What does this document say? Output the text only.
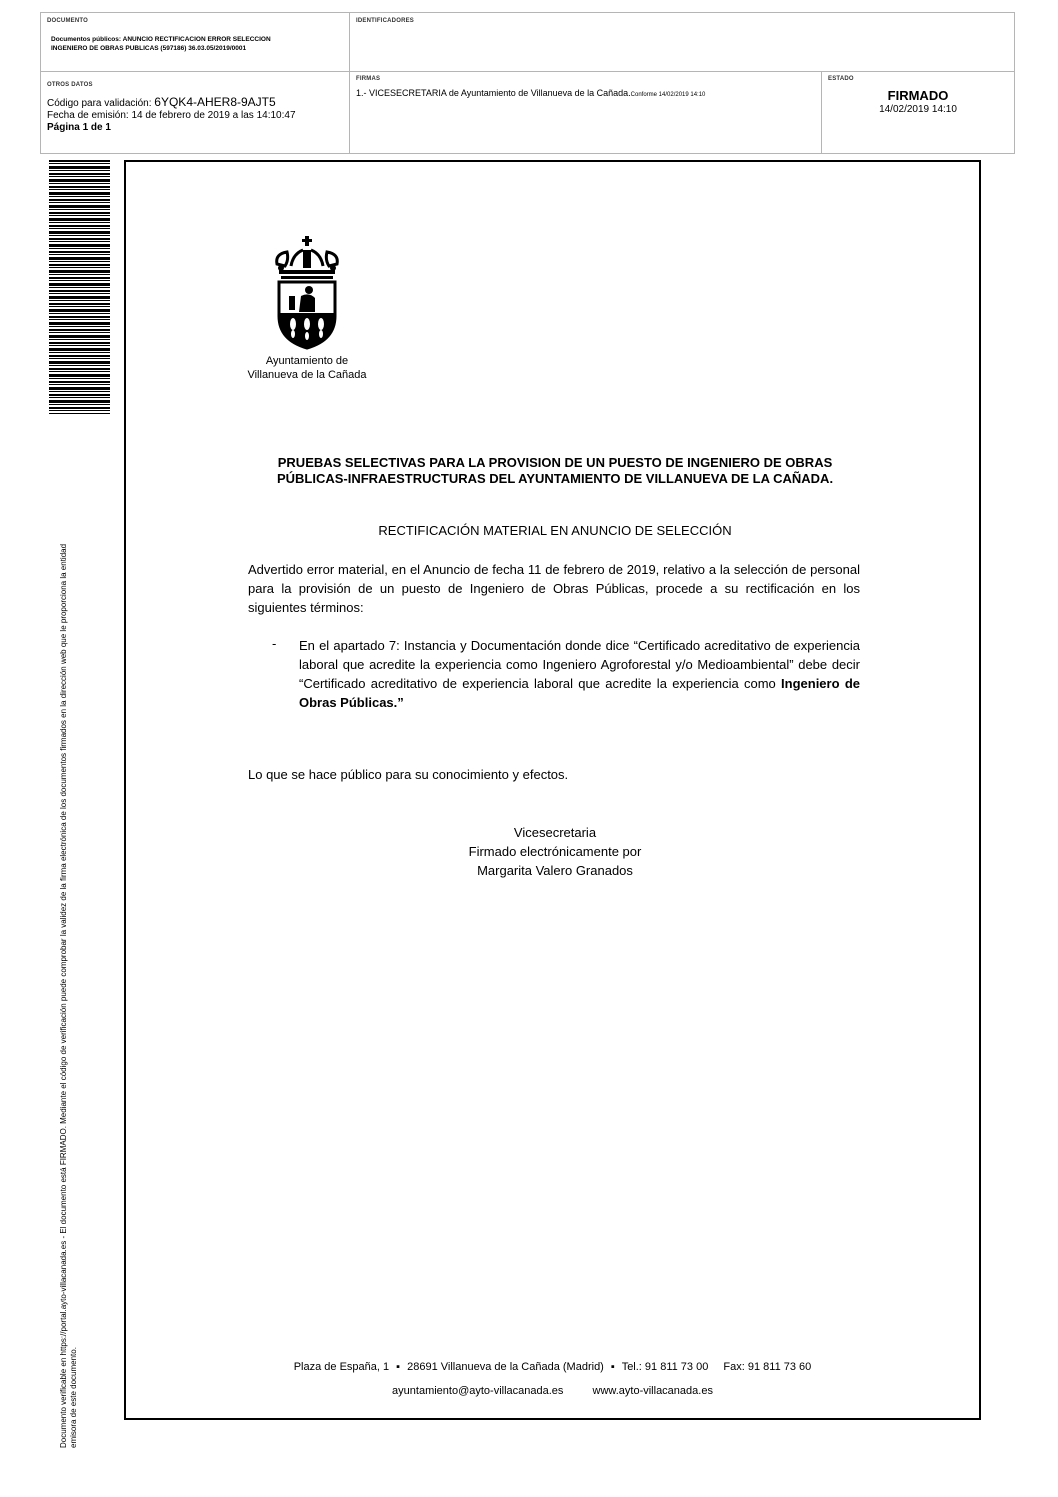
DOCUMENTO
Documentos públicos: ANUNCIO RECTIFICACION ERROR SELECCION
INGENIERO DE OBRAS PUBLICAS (597186) 36.03.05/2019/0001
IDENTIFICADORES
OTROS DATOS
Código para validación: 6YQK4-AHER8-9AJT5
Fecha de emisión: 14 de febrero de 2019 a las 14:10:47
Página 1 de 1
FIRMAS
1.- VICESECRETARIA de Ayuntamiento de Villanueva de la Cañada.Conforme 14/02/2019 14:10
ESTADO
FIRMADO
14/02/2019 14:10
Documento verificable en https://portal.ayto-villacanada.es - El documento está FIRMADO. Mediante el código de verificación puede comprobar la validez de la firma electrónica de los documentos firmados en la dirección web que le proporciona la entidad emisora de este documento.
Ayuntamiento de
Villanueva de la Cañada
PRUEBAS SELECTIVAS PARA LA PROVISION DE UN PUESTO DE INGENIERO DE OBRAS PÚBLICAS-INFRAESTRUCTURAS DEL AYUNTAMIENTO DE VILLANUEVA DE LA CAÑADA.
RECTIFICACIÓN MATERIAL EN ANUNCIO DE SELECCIÓN
Advertido error material, en el Anuncio de fecha 11 de febrero de 2019, relativo a la selección de personal para la provisión de un puesto de Ingeniero de Obras Públicas, procede a su rectificación en los siguientes términos:
- En el apartado 7: Instancia y Documentación donde dice “Certificado acreditativo de experiencia laboral que acredite la experiencia como Ingeniero Agroforestal y/o Medioambiental” debe decir “Certificado acreditativo de experiencia laboral que acredite la experiencia como Ingeniero de Obras Públicas.”
Lo que se hace público para su conocimiento y efectos.
Vicesecretaria
Firmado electrónicamente por
Margarita Valero Granados
Plaza de España, 1 ▪ 28691 Villanueva de la Cañada (Madrid) ▪ Tel.: 91 811 73 00 Fax: 91 811 73 60
ayuntamiento@ayto-villacanada.es	www.ayto-villacanada.es
